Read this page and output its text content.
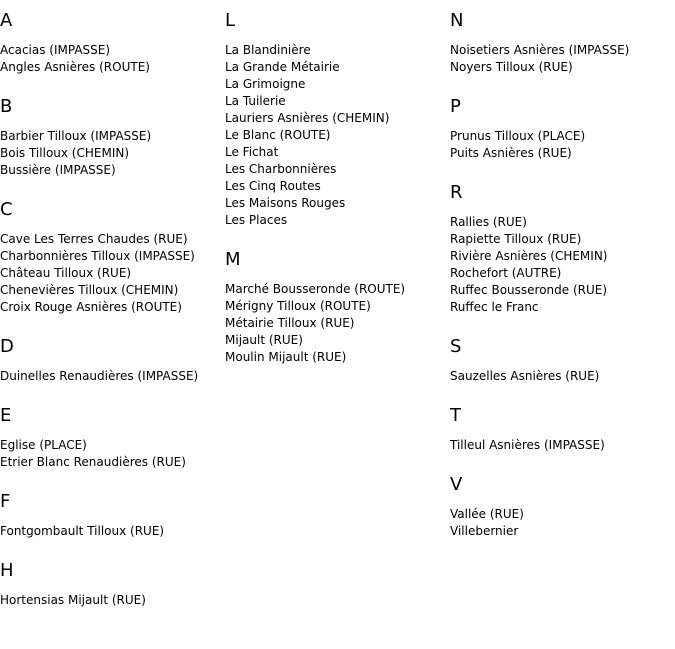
A
Acacias (IMPASSE)
Angles Asnières (ROUTE)
B
Barbier Tilloux (IMPASSE)
Bois Tilloux (CHEMIN)
Bussière (IMPASSE)
C
Cave Les Terres Chaudes (RUE)
Charbonnières Tilloux (IMPASSE)
Château Tilloux (RUE)
Chenevières Tilloux (CHEMIN)
Croix Rouge Asnières (ROUTE)
D
Duinelles Renaudières (IMPASSE)
E
Eglise (PLACE)
Etrier Blanc Renaudières (RUE)
F
Fontgombault Tilloux (RUE)
H
Hortensias Mijault (RUE)
L
La Blandinière
La Grande Métairie
La Grimoigne
La Tuilerie
Lauriers Asnières (CHEMIN)
Le Blanc (ROUTE)
Le Fichat
Les Charbonnières
Les Cinq Routes
Les Maisons Rouges
Les Places
M
Marché Bousseronde (ROUTE)
Mérigny Tilloux (ROUTE)
Métairie Tilloux (RUE)
Mijault (RUE)
Moulin Mijault (RUE)
N
Noisetiers Asnières (IMPASSE)
Noyers Tilloux (RUE)
P
Prunus Tilloux (PLACE)
Puits Asnières (RUE)
R
Rallies (RUE)
Rapiette Tilloux (RUE)
Rivière Asnières (CHEMIN)
Rochefort (AUTRE)
Ruffec Bousseronde (RUE)
Ruffec le Franc
S
Sauzelles Asnières (RUE)
T
Tilleul Asnières (IMPASSE)
V
Vallée (RUE)
Villebernier
